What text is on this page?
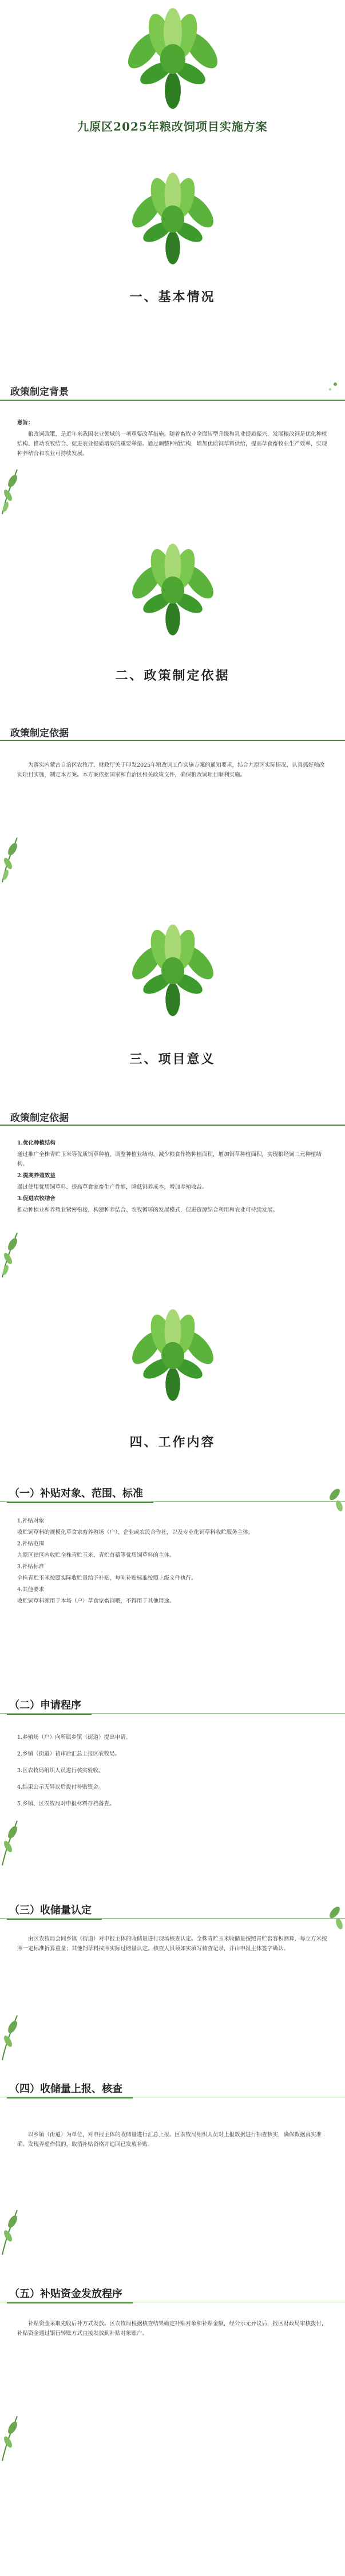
九原区2025年粮改饲项目实施方案
一、基本情况
政策制定背景

意旨：

粮改饲政策，是近年来我国农业领域的一项重要改革措施。随着畜牧业全面转型升级和乳业提质振兴，发展粮改饲是优化种植结构、推动农牧结合、促进农业提质增效的重要举措。通过调整种植结构，增加优质饲草料供给，提高草食畜牧业生产效率，实现种养结合和农业可持续发展。

二、政策制定依据
政策制定依据

为落实内蒙古自治区农牧厅、财政厅关于印发2025年粮改饲工作实施方案的通知要求，结合九原区实际情况，认真抓好粮改饲项目实施，制定本方案。本方案依据国家和自治区相关政策文件，确保粮改饲项目顺利实施。

三、项目意义
政策制定依据

1.优化种植结构

通过推广全株青贮玉米等优质饲草种植，调整种植业结构，减少粮食作物种植面积，增加饲草种植面积，实现粮经饲三元种植结构。

2.提高养殖效益

通过使用优质饲草料，提高草食家畜生产性能，降低饲养成本，增加养殖收益。

3.促进农牧结合

推动种植业和养殖业紧密衔接，构建种养结合、农牧循环的发展模式，促进资源综合利用和农业可持续发展。

四、工作内容
（一）补贴对象、范围、标准

1.补贴对象

收贮饲草料的规模化草食家畜养殖场（户）、企业或农民合作社，以及专业化饲草料收贮服务主体。

2.补贴范围

九原区辖区内收贮全株青贮玉米、青贮苜蓿等优质饲草料的主体。

3.补贴标准

全株青贮玉米按照实际收贮量给予补贴，每吨补贴标准按照上级文件执行。

4.其他要求

收贮饲草料须用于本场（户）草食家畜饲喂，不得用于其他用途。

（二）申请程序

1.养殖场（户）向所属乡镇（街道）提出申请。

2.乡镇（街道）初审后汇总上报区农牧局。

3.区农牧局组织人员进行核实验收。

4.结果公示无异议后拨付补贴资金。

5.乡镇、区农牧局对申报材料存档备查。

（三）收储量认定

由区农牧局会同乡镇（街道）对申报主体的收储量进行现场核查认定。全株青贮玉米收储量按照青贮窖容积测算，每立方米按照一定标准折算重量；其他饲草料按照实际过磅量认定。核查人员须如实填写核查记录，并由申报主体签字确认。

（四）收储量上报、核查

以乡镇（街道）为单位，对申报主体的收储量进行汇总上报。区农牧局组织人员对上报数据进行抽查核实，确保数据真实准确。发现弄虚作假的，取消补贴资格并追回已发放补贴。

（五）补贴资金发放程序

补贴资金采取先收后补方式发放。区农牧局根据核查结果确定补贴对象和补贴金额，经公示无异议后，报区财政局审核拨付，补贴资金通过银行转账方式直接发放到补贴对象账户。
